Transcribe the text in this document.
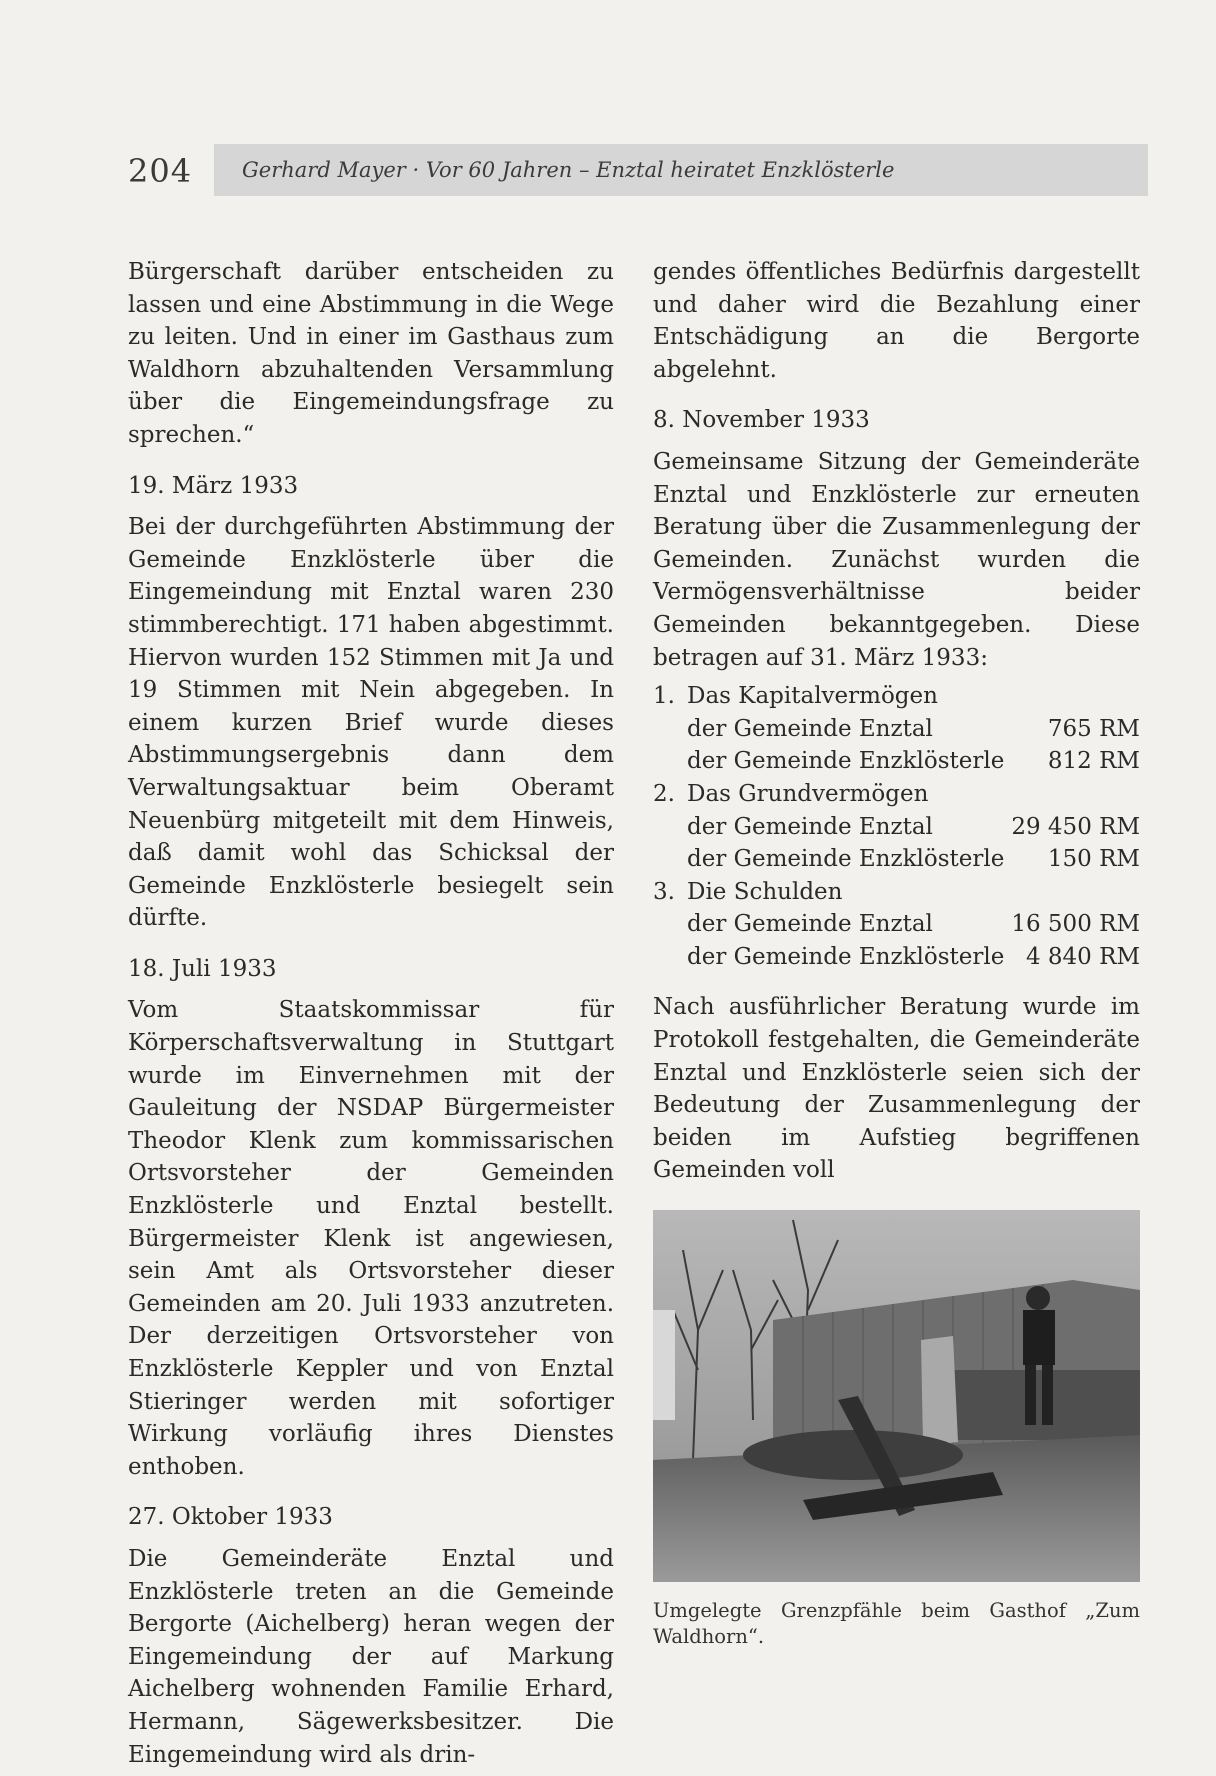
204 Gerhard Mayer · Vor 60 Jahren – Enztal heiratet Enzklösterle

Bürgerschaft darüber entscheiden zu lassen und eine Abstimmung in die Wege zu leiten. Und in einer im Gasthaus zum Waldhorn abzuhaltenden Versammlung über die Eingemeindungsfrage zu sprechen.“

19. März 1933

Bei der durchgeführten Abstimmung der Gemeinde Enzklösterle über die Eingemeindung mit Enztal waren 230 stimmberechtigt. 171 haben abgestimmt. Hiervon wurden 152 Stimmen mit Ja und 19 Stimmen mit Nein abgegeben. In einem kurzen Brief wurde dieses Abstimmungsergebnis dann dem Verwaltungsaktuar beim Oberamt Neuenbürg mitgeteilt mit dem Hinweis, daß damit wohl das Schicksal der Gemeinde Enzklösterle besiegelt sein dürfte.

18. Juli 1933

Vom Staatskommissar für Körperschaftsverwaltung in Stuttgart wurde im Einvernehmen mit der Gauleitung der NSDAP Bürgermeister Theodor Klenk zum kommissarischen Ortsvorsteher der Gemeinden Enzklösterle und Enztal bestellt. Bürgermeister Klenk ist angewiesen, sein Amt als Ortsvorsteher dieser Gemeinden am 20. Juli 1933 anzutreten. Der derzeitigen Ortsvorsteher von Enzklösterle Keppler und von Enztal Stieringer werden mit sofortiger Wirkung vorläufig ihres Dienstes enthoben.

27. Oktober 1933

Die Gemeinderäte Enztal und Enzklösterle treten an die Gemeinde Bergorte (Aichelberg) heran wegen der Eingemeindung der auf Markung Aichelberg wohnenden Familie Erhard, Hermann, Sägewerksbesitzer. Die Eingemeindung wird als drin-

gendes öffentliches Bedürfnis dargestellt und daher wird die Bezahlung einer Entschädigung an die Bergorte abgelehnt.

8. November 1933

Gemeinsame Sitzung der Gemeinderäte Enztal und Enzklösterle zur erneuten Beratung über die Zusammenlegung der Gemeinden. Zunächst wurden die Vermögensverhältnisse beider Gemeinden bekanntgegeben. Diese betragen auf 31. März 1933:

1. Das Kapitalvermögen
der Gemeinde Enztal	765 RM
der Gemeinde Enzklösterle 812 RM
2. Das Grundvermögen
der Gemeinde Enztal	29 450 RM
der Gemeinde Enzklösterle 150 RM
3. Die Schulden
der Gemeinde Enztal	16 500 RM
der Gemeinde Enzklösterle 4 840 RM

Nach ausführlicher Beratung wurde im Protokoll festgehalten, die Gemeinderäte Enztal und Enzklösterle seien sich der Bedeutung der Zusammenlegung der beiden im Aufstieg begriffenen Gemeinden voll

Umgelegte Grenzpfähle beim Gasthof „Zum Waldhorn“.
